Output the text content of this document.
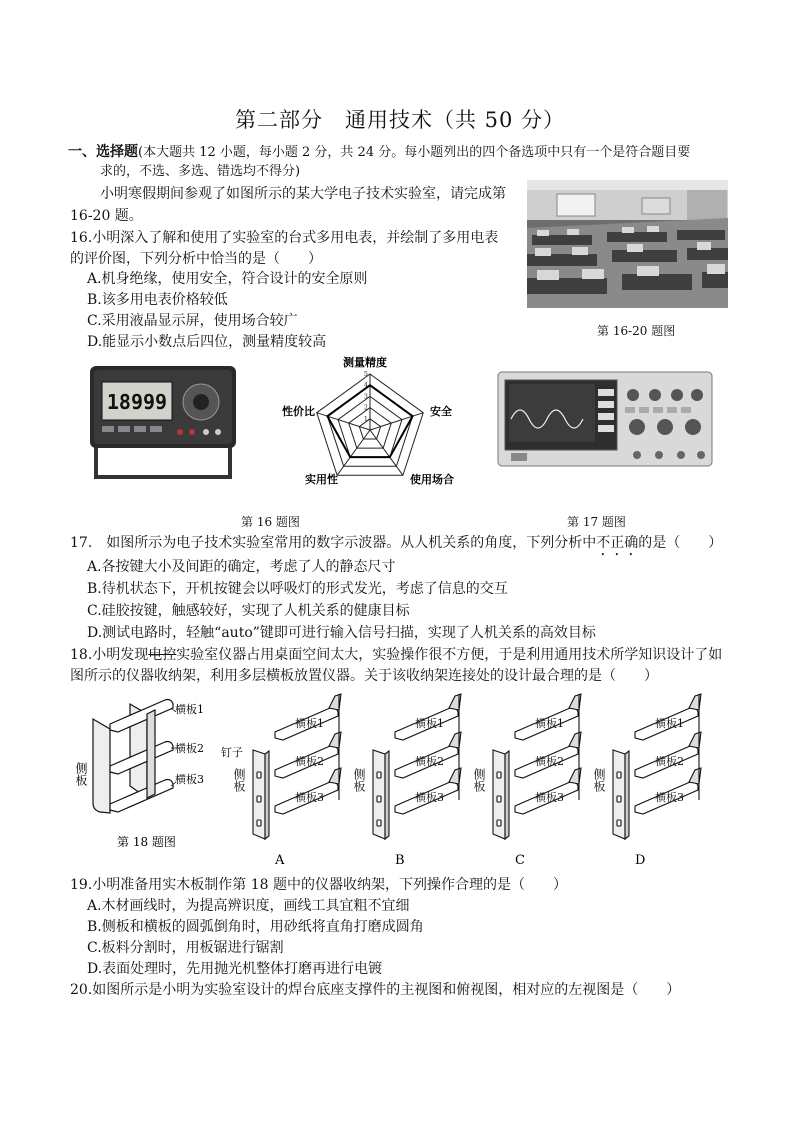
第二部分　通用技术（共 50 分）
一、选择题(本大题共 12 小题，每小题 2 分，共 24 分。每小题列出的四个备选项中只有一个是符合题目要
求的，不选、多选、错选均不得分)
小明寒假期间参观了如图所示的某大学电子技术实验室，请完成第
16-20 题。
第 16-20 题图
16.小明深入了解和使用了实验室的台式多用电表，并绘制了多用电表
的评价图，下列分析中恰当的是（　　）
A.机身绝缘，使用安全，符合设计的安全原则
B.该多用电表价格较低
C.采用液晶显示屏，使用场合较广
D.能显示小数点后四位，测量精度较高
18999
1
2
3
4
5
测量精度
安全
使用场合
实用性
性价比
第 16 题图	第 17 题图
17.　如图所示为电子技术实验室常用的数字示波器。从人机关系的角度，下列分析中不正确的是（　　）
A.各按键大小及间距的确定，考虑了人的静态尺寸
B.待机状态下，开机按键会以呼吸灯的形式发光，考虑了信息的交互
C.硅胶按键，触感较好，实现了人机关系的健康目标
D.测试电路时，轻触“auto”键即可进行输入信号扫描，实现了人机关系的高效目标
18.小明发现电控实验室仪器占用桌面空间太大，实验操作很不方便，于是利用通用技术所学知识设计了如
图所示的仪器收纳架，利用多层横板放置仪器。关于该收纳架连接处的设计最合理的是（　　）
横板1
横板2
横板3
侧板
第 18 题图
横板1
横板2
横板3
侧板
横板1
横板2
横板3
侧板
横板1
横板2
横板3
侧板
横板1
横板2
横板3
侧板
钉子
A	B	C	D
19.小明准备用实木板制作第 18 题中的仪器收纳架，下列操作合理的是（　　）
A.木材画线时，为提高辨识度，画线工具宜粗不宜细
B.侧板和横板的圆弧倒角时，用砂纸将直角打磨成圆角
C.板料分割时，用板锯进行锯割
D.表面处理时，先用抛光机整体打磨再进行电镀
20.如图所示是小明为实验室设计的焊台底座支撑件的主视图和俯视图，相对应的左视图是（　　）
